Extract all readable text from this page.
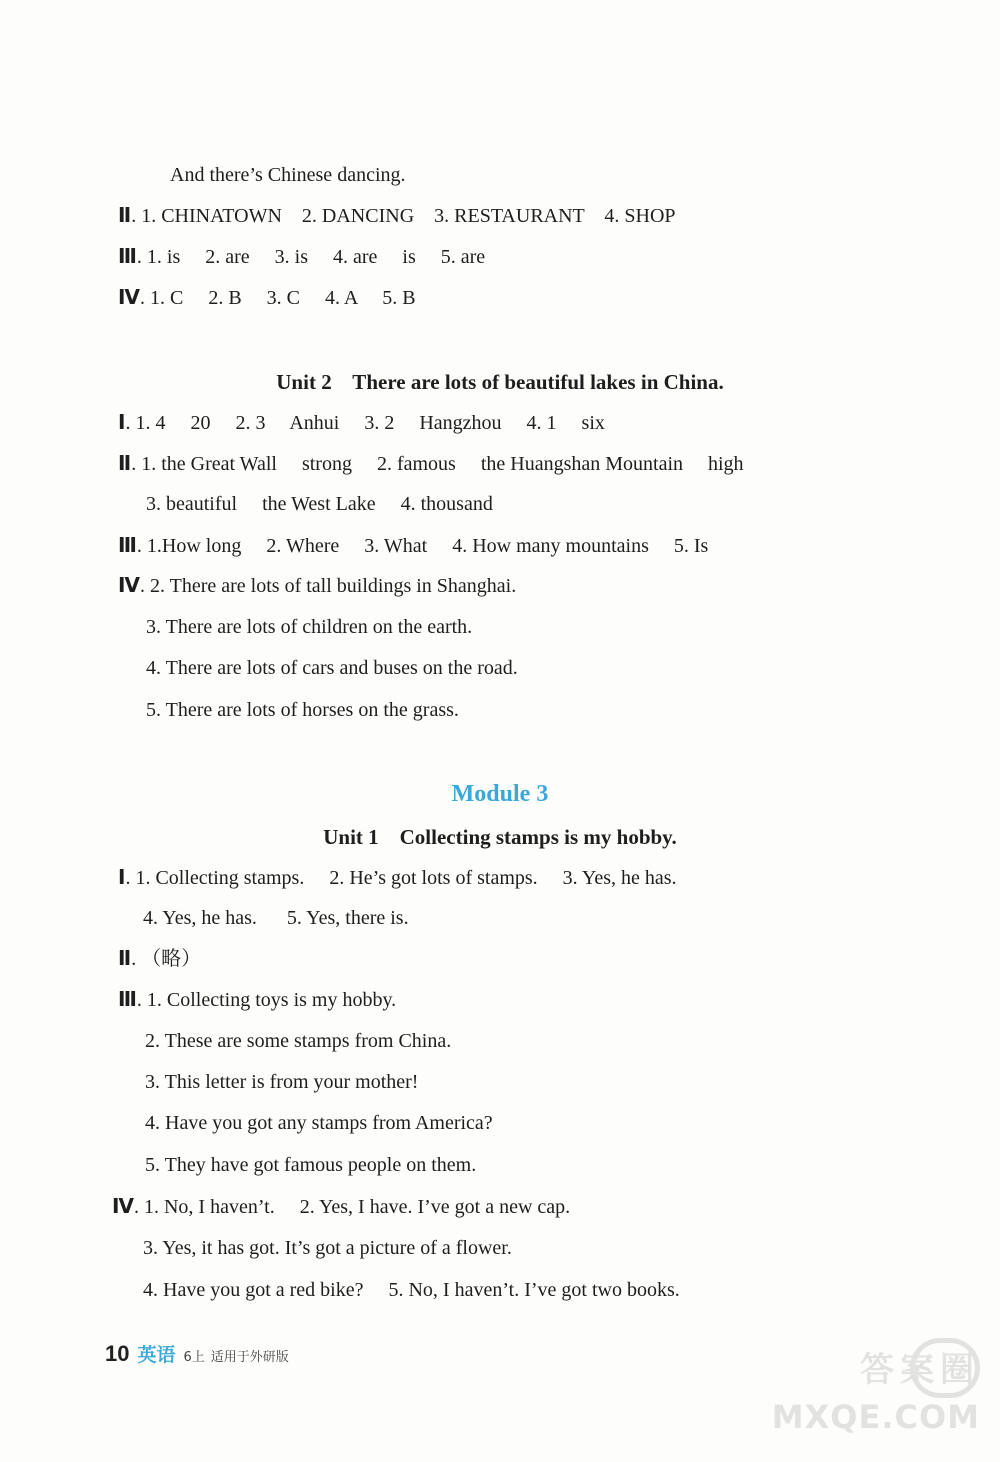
And there’s Chinese dancing.
Ⅱ. 1. CHINATOWN    2. DANCING    3. RESTAURANT    4. SHOP
Ⅲ. 1. is     2. are     3. is     4. are     is     5. are
Ⅳ. 1. C     2. B     3. C     4. A     5. B
Unit 2    There are lots of beautiful lakes in China.
Ⅰ. 1. 4     20     2. 3     Anhui     3. 2     Hangzhou     4. 1     six
Ⅱ. 1. the Great Wall     strong     2. famous     the Huangshan Mountain     high
3. beautiful     the West Lake     4. thousand
Ⅲ. 1.How long     2. Where     3. What     4. How many mountains     5. Is
Ⅳ. 2. There are lots of tall buildings in Shanghai.
3. There are lots of children on the earth.
4. There are lots of cars and buses on the road.
5. There are lots of horses on the grass.
Module 3
Unit 1    Collecting stamps is my hobby.
Ⅰ. 1. Collecting stamps.     2. He’s got lots of stamps.     3. Yes, he has.
4. Yes, he has.      5. Yes, there is.
Ⅱ. （略）
Ⅲ. 1. Collecting toys is my hobby.
2. These are some stamps from China.
3. This letter is from your mother!
4. Have you got any stamps from America?
5. They have got famous people on them.
Ⅳ. 1. No, I haven’t.     2. Yes, I have. I’ve got a new cap.
3. Yes, it has got. It’s got a picture of a flower.
4. Have you got a red bike?     5. No, I haven’t. I’ve got two books.
10 英语 6上 适用于外研版	答案圈
MXQE.COM
